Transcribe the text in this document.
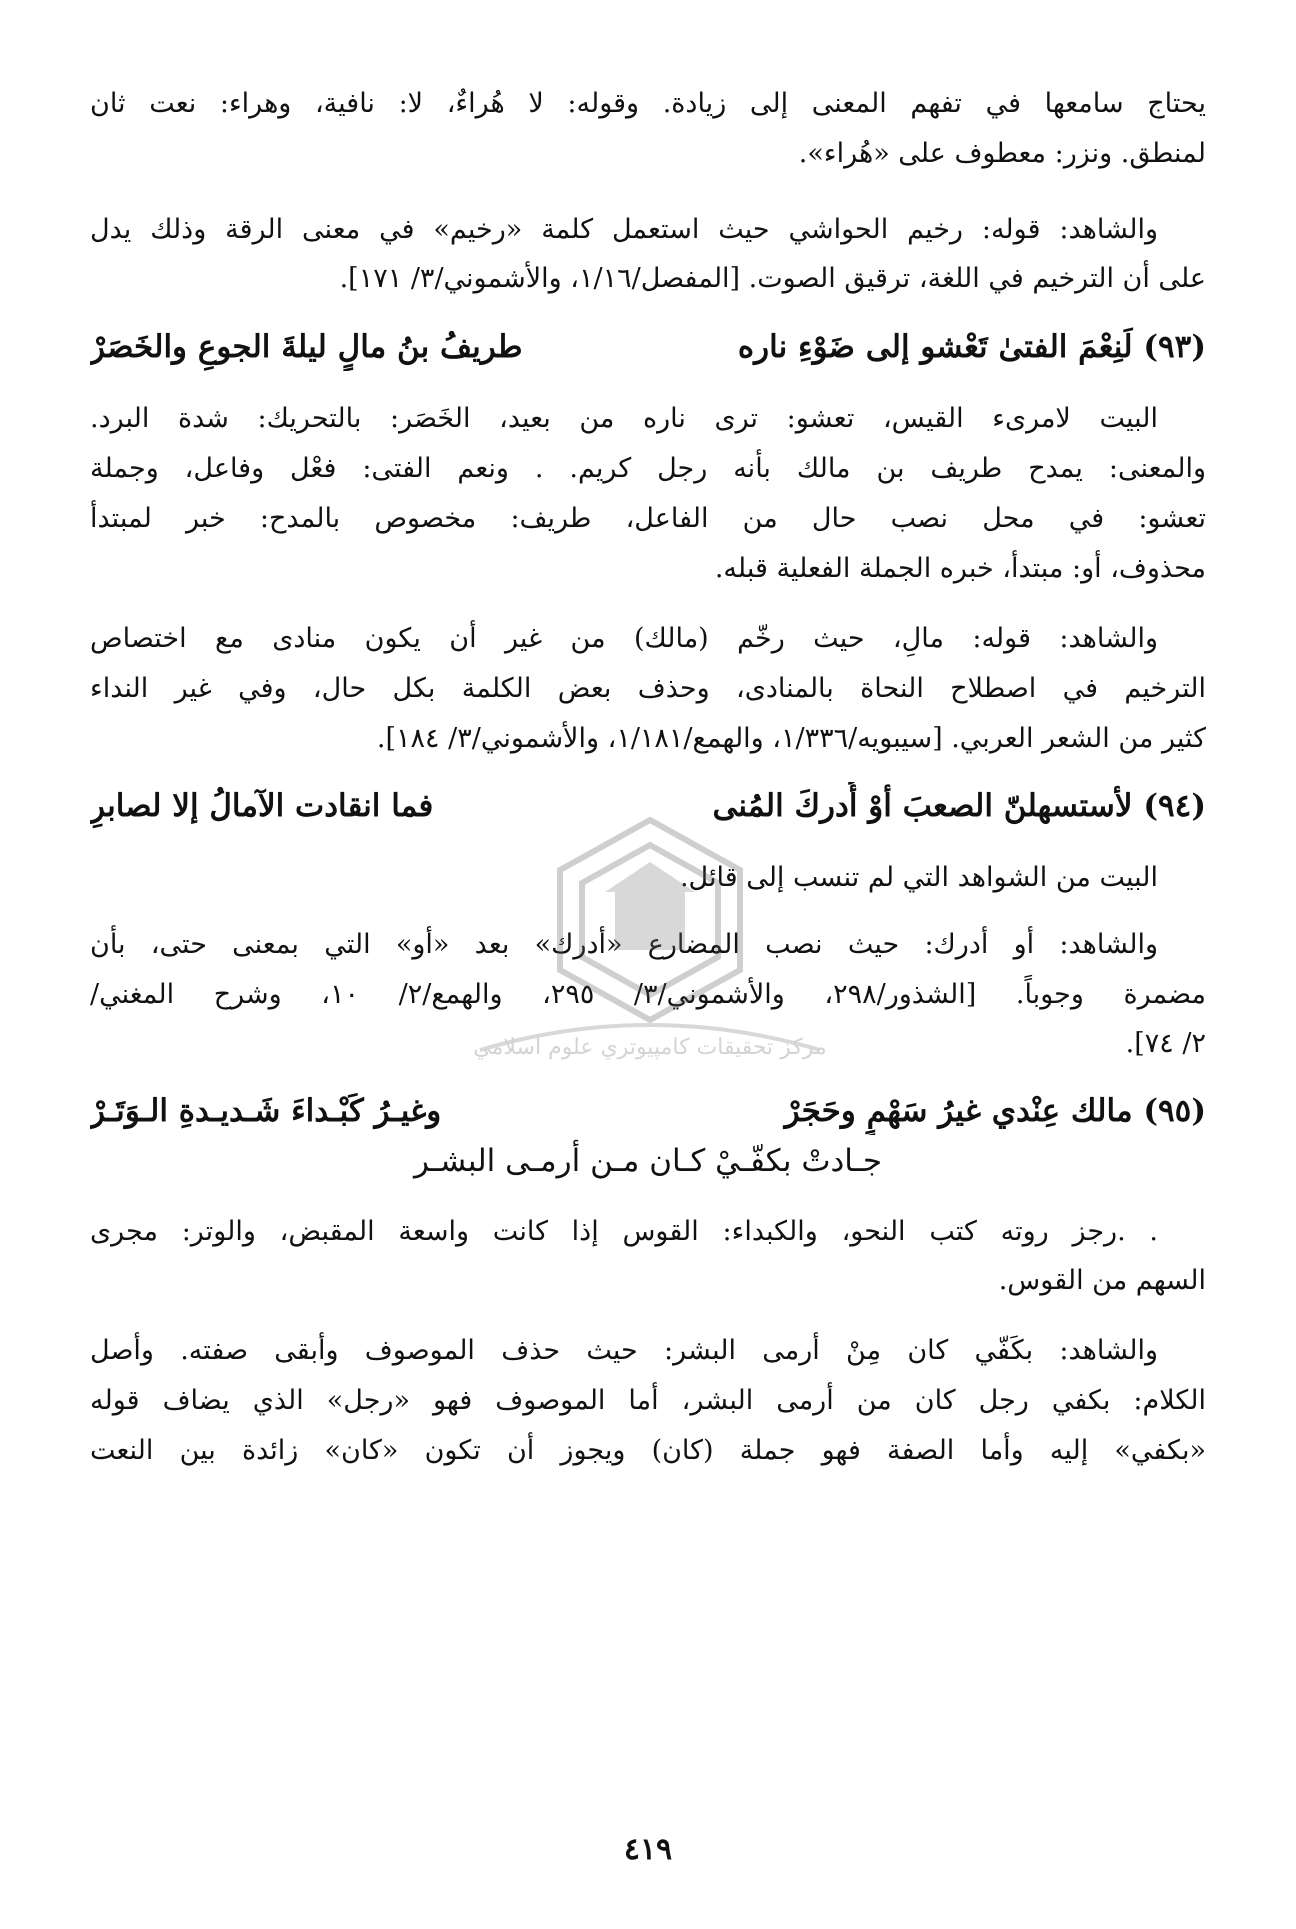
يحتاج سامعها في تفهم المعنى إلى زيادة. وقوله: لا هُراءٌ، لا: نافية، وهراء: نعت ثان
لمنطق. ونزر: معطوف على «هُراء».
والشاهد: قوله: رخيم الحواشي حيث استعمل كلمة «رخيم» في معنى الرقة وذلك يدل
على أن الترخيم في اللغة، ترقيق الصوت. [المفصل/١/١٦، والأشموني/٣/ ١٧١].
(٩٣) لَنِعْمَ الفتىٰ تَعْشو إلى ضَوْءِ ناره
طريفُ بنُ مالٍ ليلةَ الجوعِ والخَصَرْ
البيت لامرىء القيس، تعشو: ترى ناره من بعيد، الخَصَر: بالتحريك: شدة البرد.
والمعنى: يمدح طريف بن مالك بأنه رجل كريم. . ونعم الفتى: فعْل وفاعل، وجملة
تعشو: في محل نصب حال من الفاعل، طريف: مخصوص بالمدح: خبر لمبتدأ
محذوف، أو: مبتدأ، خبره الجملة الفعلية قبله.
والشاهد: قوله: مالِ، حيث رخّم (مالك) من غير أن يكون منادى مع اختصاص
الترخيم في اصطلاح النحاة بالمنادى، وحذف بعض الكلمة بكل حال، وفي غير النداء
كثير من الشعر العربي. [سيبويه/١/٣٣٦، والهمع/١/١٨١، والأشموني/٣/ ١٨٤].
(٩٤) لأستسهلنّ الصعبَ أوْ أُدركَ المُنى
فما انقادت الآمالُ إلا لصابرِ
البيت من الشواهد التي لم تنسب إلى قائل.
والشاهد: أو أدرك: حيث نصب المضارع «أدرك» بعد «أو» التي بمعنى حتى، بأن
مضمرة وجوباً. [الشذور/٢٩٨، والأشموني/٣/ ٢٩٥، والهمع/٢/ ١٠، وشرح المغني/
٢/ ٧٤].
(٩٥) مالك عِنْدي غيرُ سَهْمٍ وحَجَرْ
وغيـرُ كَبْـداءَ شَـديـدةِ الـوَتَـرْ
جـادتْ بكفّـيْ كـان مـن أرمـى البشـر
. .رجز روته كتب النحو، والكبداء: القوس إذا كانت واسعة المقبض، والوتر: مجرى
السهم من القوس.
والشاهد: بكَفّي كان مِنْ أرمى البشر: حيث حذف الموصوف وأبقى صفته. وأصل
الكلام: بكفي رجل كان من أرمى البشر، أما الموصوف فهو «رجل» الذي يضاف قوله
«بكفي» إليه وأما الصفة فهو جملة (كان) ويجوز أن تكون «كان» زائدة بين النعت
مركز تحقيقات كامپيوتري علوم اسلامي
٤١٩
